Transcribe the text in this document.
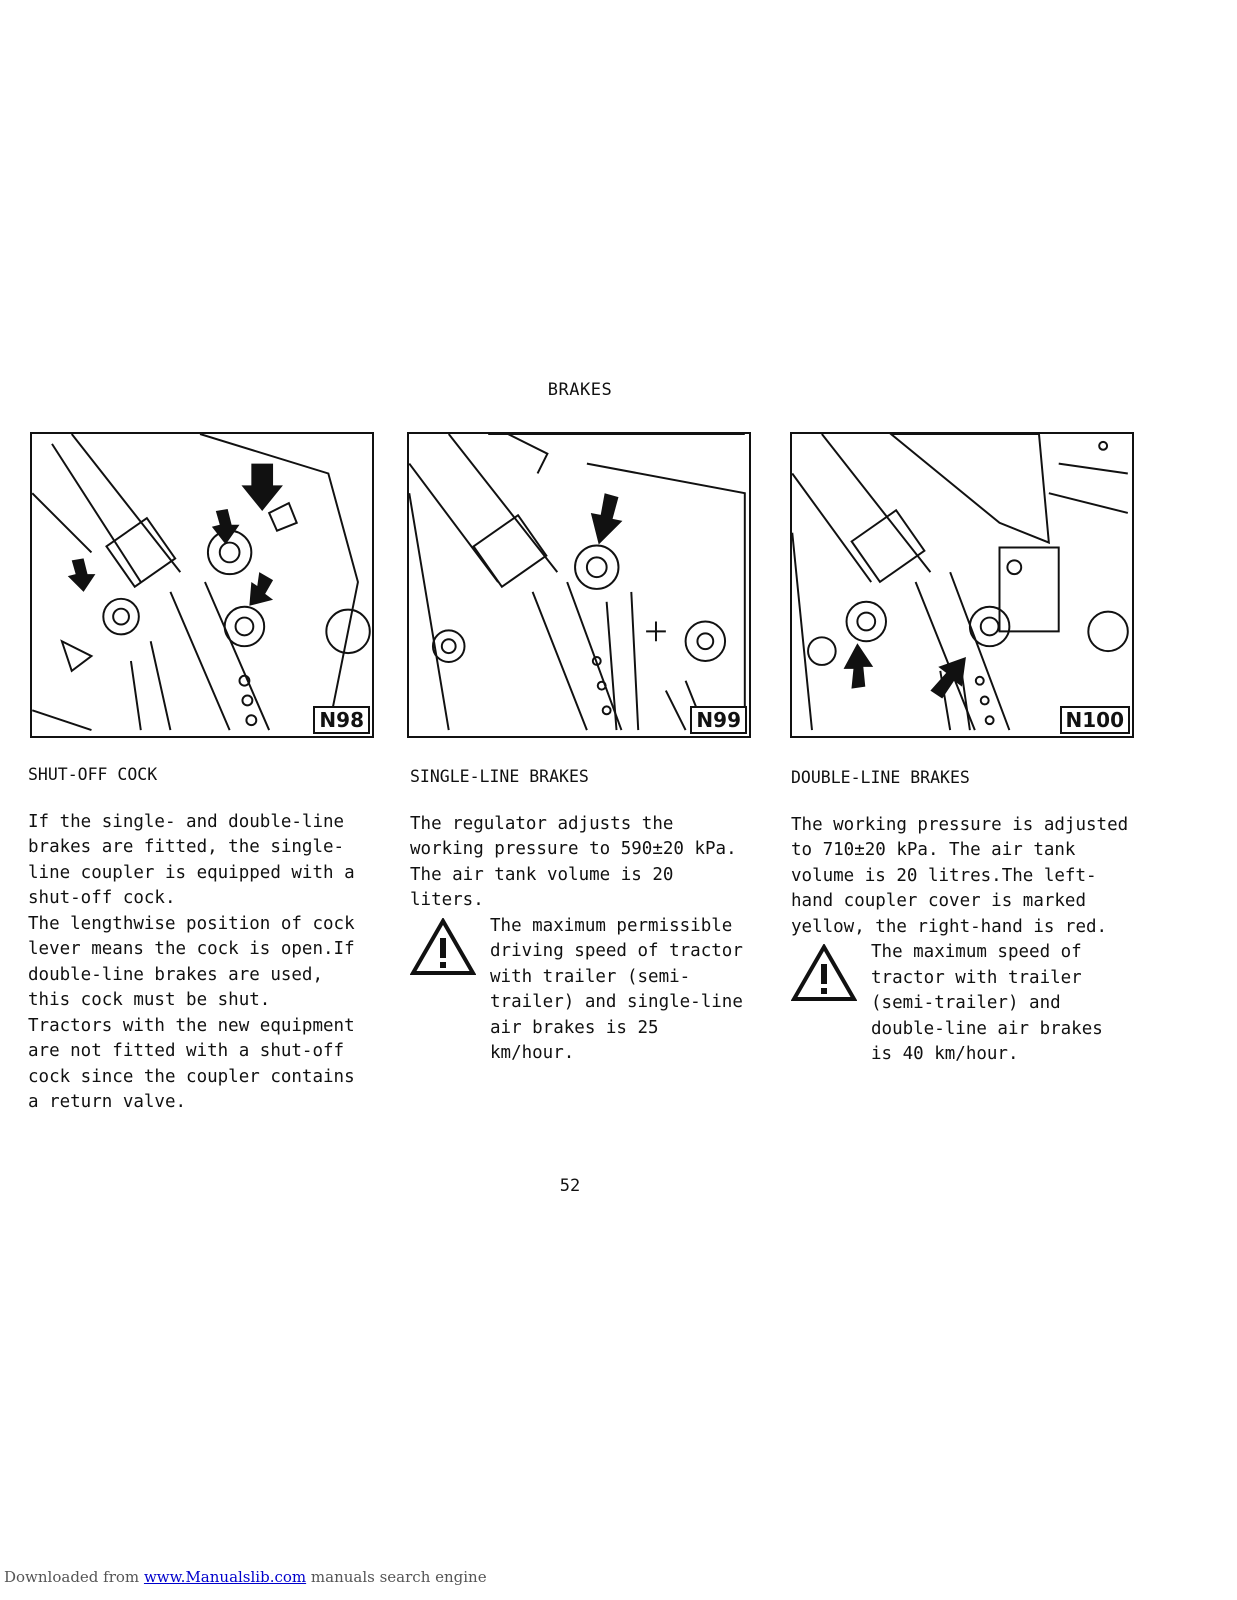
BRAKES
N98	N99	N100

SHUT-OFF COCK

If the single- and double-line brakes are fitted, the single-line coupler is equipped with a shut-off cock.

The lengthwise position of cock lever means the cock is open.If double-line brakes are used, this cock must be shut.

Tractors with the new equipment are not fitted with a shut-off cock since the coupler contains a return valve.

SINGLE-LINE BRAKES

The regulator adjusts the working pressure to 590±20 kPa. The air tank volume is 20 liters.

The maximum permissible driving speed of tractor with trailer (semi-trailer) and single-line air brakes is 25 km/hour.

DOUBLE-LINE BRAKES

The working pressure is adjusted to 710±20 kPa. The air tank volume is 20 litres.The left-hand coupler cover is marked yellow, the right-hand is red.

The maximum speed of tractor with trailer (semi-trailer) and double-line air brakes is 40 km/hour.

52
Downloaded from www.Manualslib.com manuals search engine
